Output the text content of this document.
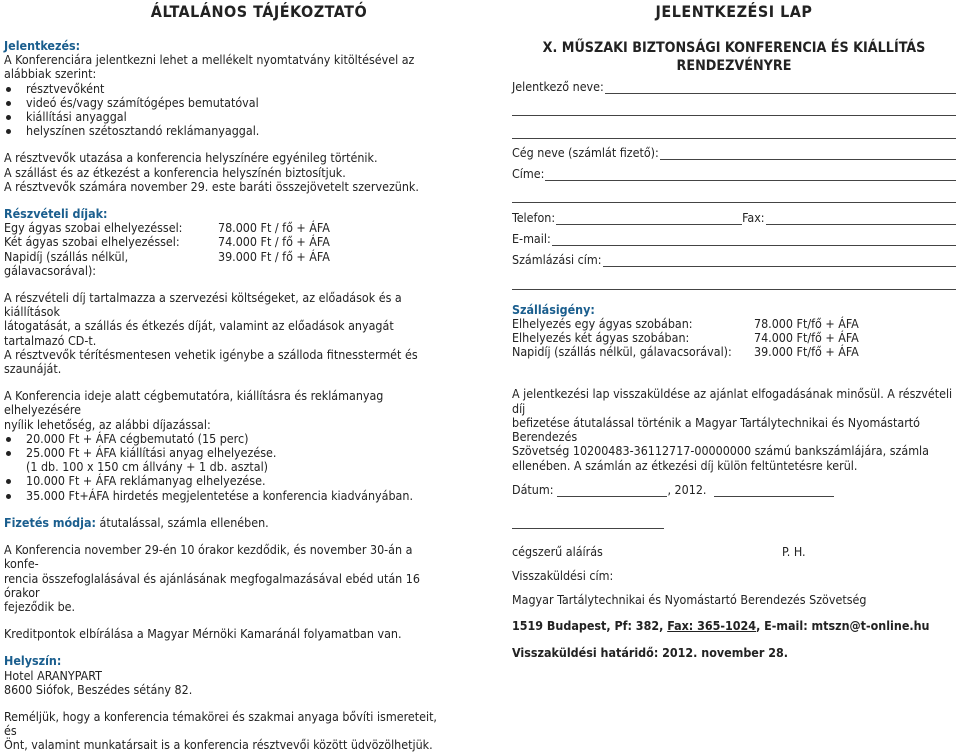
ÁLTALÁNOS TÁJÉKOZTATÓ

Jelentkezés:

A Konferenciára jelentkezni lehet a mellékelt nyomtatvány kitöltésével az alábbiak szerint:

résztvevőként
videó és/vagy számítógépes bemutatóval
kiállítási anyaggal
helyszínen szétosztandó reklámanyaggal.

A résztvevők utazása a konferencia helyszínére egyénileg történik.

A szállást és az étkezést a konferencia helyszínén biztosítjuk.

A résztvevők számára november 29. este baráti összejövetelt szervezünk.

Részvételi díjak:

Egy ágyas szobai elhelyezéssel:	78.000 Ft / fő + ÁFA
Két ágyas szobai elhelyezéssel:	74.000 Ft / fő + ÁFA
Napidíj (szállás nélkül, gálavacsorával):
39.000 Ft / fő + ÁFA

A részvételi díj tartalmazza a szervezési költségeket, az előadások és a kiállítások

látogatását, a szállás és étkezés díját, valamint az előadások anyagát tartalmazó CD-t.

A résztvevők térítésmentesen vehetik igénybe a szálloda fitnesstermét és szaunáját.

A Konferencia ideje alatt cégbemutatóra, kiállításra és reklámanyag elhelyezésére

nyílik lehetőség, az alábbi díjazással:

20.000 Ft + ÁFA cégbemutató (15 perc)
25.000 Ft + ÁFA kiállítási anyag elhelyezése.

(1 db. 100 x 150 cm állvány + 1 db. asztal)

10.000 Ft + ÁFA reklámanyag elhelyezése.
35.000 Ft+ÁFA hirdetés megjelentetése a konferencia kiadványában.

Fizetés módja: átutalással, számla ellenében.

A Konferencia november 29-én 10 órakor kezdődik, és november 30-án a konfe-

rencia összefoglalásával és ajánlásának megfogalmazásával ebéd után 16 órakor

fejeződik be.

Kreditpontok elbírálása a Magyar Mérnöki Kamaránál folyamatban van.

Helyszín:

Hotel ARANYPART

8600 Siófok, Beszédes sétány 82.

Reméljük, hogy a konferencia témakörei és szakmai anyaga bővíti ismereteit, és

Önt, valamint munkatársait is a konferencia résztvevői között üdvözölhetjük.

JELENTKEZÉSI LAP
X. MŰSZAKI BIZTONSÁGI KONFERENCIA ÉS KIÁLLÍTÁS RENDEZVÉNYRE
Jelentkező neve:
Cég neve (számlát fizető):
Címe:
Telefon:	Fax:
E-mail:
Számlázási cím:

Szállásigény:

Elhelyezés egy ágyas szobában:	78.000 Ft/fő + ÁFA
Elhelyezés két ágyas szobában:	74.000 Ft/fő + ÁFA
Napidíj (szállás nélkül, gálavacsorával):	39.000 Ft/fő + ÁFA

A jelentkezési lap visszaküldése az ajánlat elfogadásának minősül. A részvételi díj

befizetése átutalással történik a Magyar Tartálytechnikai és Nyomástartó Berendezés

Szövetség 10200483-36112717-00000000 számú bankszámlájára, számla

ellenében. A számlán az étkezési díj külön feltüntetésre kerül.

Dátum:	, 2012.
cégszerű aláírás	P. H.

Visszaküldési cím:

Magyar Tartálytechnikai és Nyomástartó Berendezés Szövetség

1519 Budapest, Pf: 382, Fax: 365-1024, E-mail: mtszn@t-online.hu

Visszaküldési határidő: 2012. november 28.
